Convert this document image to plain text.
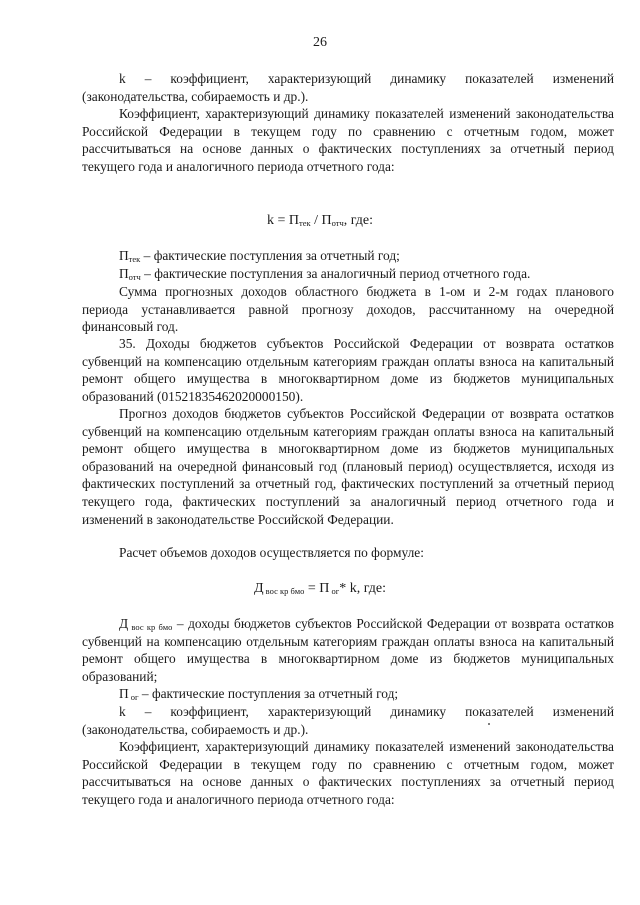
26

k – коэффициент, характеризующий динамику показателей изменений (законодательства, собираемость и др.).

Коэффициент, характеризующий динамику показателей изменений законодательства Российской Федерации в текущем году по сравнению с отчетным годом, может рассчитываться на основе данных о фактических поступлениях за отчетный период текущего года и аналогичного периода отчетного года:

$k = П_{тек} / П_{отч}$, где:

$П_{тек}$ – фактические поступления за отчетный год;

$П_{отч}$ – фактические поступления за аналогичный период отчетного года.

Сумма прогнозных доходов областного бюджета в 1-ом и 2-м годах планового периода устанавливается равной прогнозу доходов, рассчитанному на очередной финансовый год.

35. Доходы бюджетов субъектов Российской Федерации от возврата остатков субвенций на компенсацию отдельным категориям граждан оплаты взноса на капитальный ремонт общего имущества в многоквартирном доме из бюджетов муниципальных образований (01521835462020000150).

Прогноз доходов бюджетов субъектов Российской Федерации от возврата остатков субвенций на компенсацию отдельным категориям граждан оплаты взноса на капитальный ремонт общего имущества в многоквартирном доме из бюджетов муниципальных образований на очередной финансовый год (плановый период) осуществляется, исходя из фактических поступлений за отчетный год, фактических поступлений за отчетный период текущего года, фактических поступлений за аналогичный период отчетного года и изменений в законодательстве Российской Федерации.

Расчет объемов доходов осуществляется по формуле:

Д $_{вос кр бмо}$ = П $_{ог}$* k, где:

Д $_{вос кр бмо}$ – доходы бюджетов субъектов Российской Федерации от возврата остатков субвенций на компенсацию отдельным категориям граждан оплаты взноса на капитальный ремонт общего имущества в многоквартирном доме из бюджетов муниципальных образований;

П $_{ог}$ – фактические поступления за отчетный год;

k – коэффициент, характеризующий динамику показателей изменений (законодательства, собираемость и др.).

Коэффициент, характеризующий динамику показателей изменений законодательства Российской Федерации в текущем году по сравнению с отчетным годом, может рассчитываться на основе данных о фактических поступлениях за отчетный период текущего года и аналогичного периода отчетного года:
